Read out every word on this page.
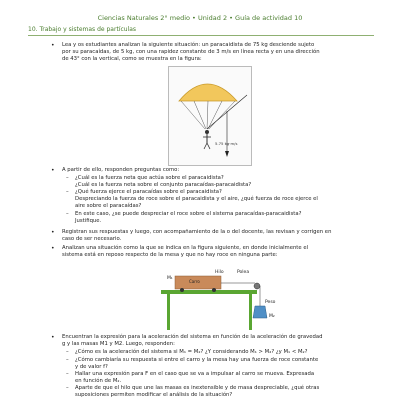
Ciencias Naturales 2° medio • Unidad 2 • Guía de actividad 10
10. Trabajo y sistemas de partículas
• Lea y os estudiantes analizan la siguiente situación: un paracaidista de 75 kg desciende sujeto
por su paracaídas, de 5 kg, con una rapidez constante de 3 m/s en línea recta y en una dirección
de 43° con la vertical, como se muestra en la figura:
5.75 kg·m/s
• A partir de ello, responden preguntas como:
– ¿Cuál es la fuerza neta que actúa sobre el paracaidista?
¿Cuál es la fuerza neta sobre el conjunto paracaídas-paracaidista?
– ¿Qué fuerza ejerce el paracaídas sobre el paracaidista?
Despreciando la fuerza de roce sobre el paracaidista y el aire, ¿qué fuerza de roce ejerce el
aire sobre el paracaídas?
– En este caso, ¿se puede despreciar el roce sobre el sistema paracaídas-paracaidista?
Justifique.
• Registran sus respuestas y luego, con acompañamiento de la o del docente, las revisan y corrigen en
caso de ser necesario.
• Analizan una situación como la que se indica en la figura siguiente, en donde inicialmente el
sistema está en reposo respecto de la mesa y que no hay roce en ninguna parte:
M₁
Carro
Hilo	Polea
Peso
M₂
• Encuentran la expresión para la aceleración del sistema en función de la aceleración de gravedad
g y las masas M1 y M2. Luego, responden:
– ¿Cómo es la aceleración del sistema si M₁ = M₂? ¿Y considerando M₁ > M₂? ¿y M₁ < M₂?
– ¿Cómo cambiaría su respuesta si entre el carro y la mesa hay una fuerza de roce constante
y de valor f?
– Hallar una expresión para F en el caso que se va a impulsar al carro se mueva. Expresada
en función de M₂.
– Aparte de que el hilo que une las masas es inextensible y de masa despreciable, ¿qué otras
suposiciones permiten modificar el análisis de la situación?
